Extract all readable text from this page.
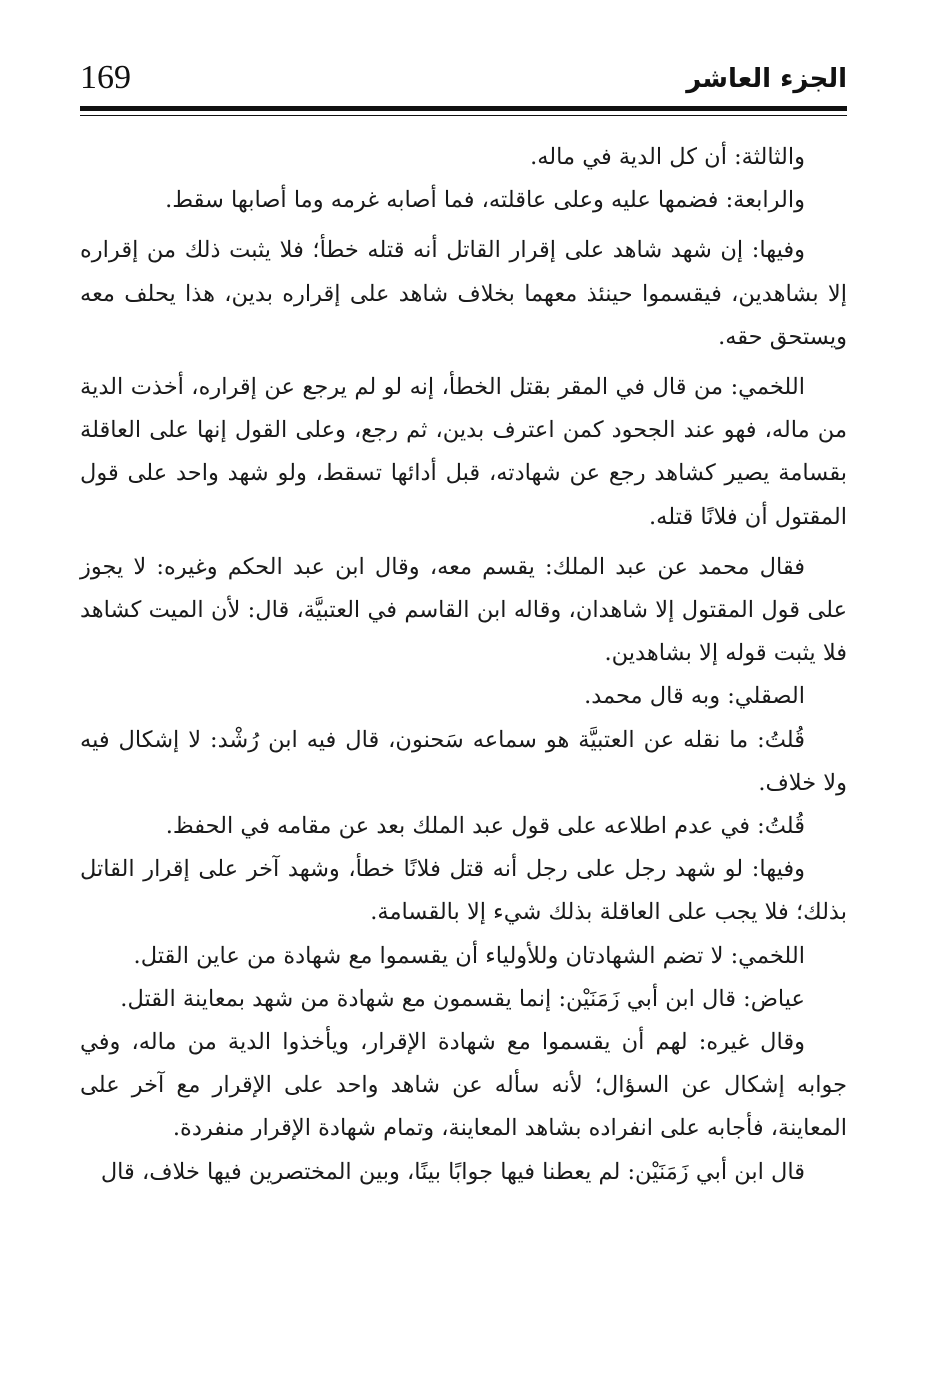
169	الجزء العاشر

والثالثة: أن كل الدية في ماله.

والرابعة: فضمها عليه وعلى عاقلته، فما أصابه غرمه وما أصابها سقط.

وفيها: إن شهد شاهد على إقرار القاتل أنه قتله خطأ؛ فلا يثبت ذلك من إقراره إلا بشاهدين، فيقسموا حينئذ معهما بخلاف شاهد على إقراره بدين، هذا يحلف معه ويستحق حقه.

اللخمي: من قال في المقر بقتل الخطأ، إنه لو لم يرجع عن إقراره، أخذت الدية من ماله، فهو عند الجحود كمن اعترف بدين، ثم رجع، وعلى القول إنها على العاقلة بقسامة يصير كشاهد رجع عن شهادته، قبل أدائها تسقط، ولو شهد واحد على قول المقتول أن فلانًا قتله.

فقال محمد عن عبد الملك: يقسم معه، وقال ابن عبد الحكم وغيره: لا يجوز على قول المقتول إلا شاهدان، وقاله ابن القاسم في العتبيَّة، قال: لأن الميت كشاهد فلا يثبت قوله إلا بشاهدين.

الصقلي: وبه قال محمد.

قُلتُ: ما نقله عن العتبيَّة هو سماعه سَحنون، قال فيه ابن رُشْد: لا إشكال فيه ولا خلاف.

قُلتُ: في عدم اطلاعه على قول عبد الملك بعد عن مقامه في الحفظ.

وفيها: لو شهد رجل على رجل أنه قتل فلانًا خطأ، وشهد آخر على إقرار القاتل بذلك؛ فلا يجب على العاقلة بذلك شيء إلا بالقسامة.

اللخمي: لا تضم الشهادتان وللأولياء أن يقسموا مع شهادة من عاين القتل.

عياض: قال ابن أبي زَمَنَيْن: إنما يقسمون مع شهادة من شهد بمعاينة القتل.

وقال غيره: لهم أن يقسموا مع شهادة الإقرار، ويأخذوا الدية من ماله، وفي جوابه إشكال عن السؤال؛ لأنه سأله عن شاهد واحد على الإقرار مع آخر على المعاينة، فأجابه على انفراده بشاهد المعاينة، وتمام شهادة الإقرار منفردة.

قال ابن أبي زَمَنَيْن: لم يعطنا فيها جوابًا بينًا، وبين المختصرين فيها خلاف، قال
